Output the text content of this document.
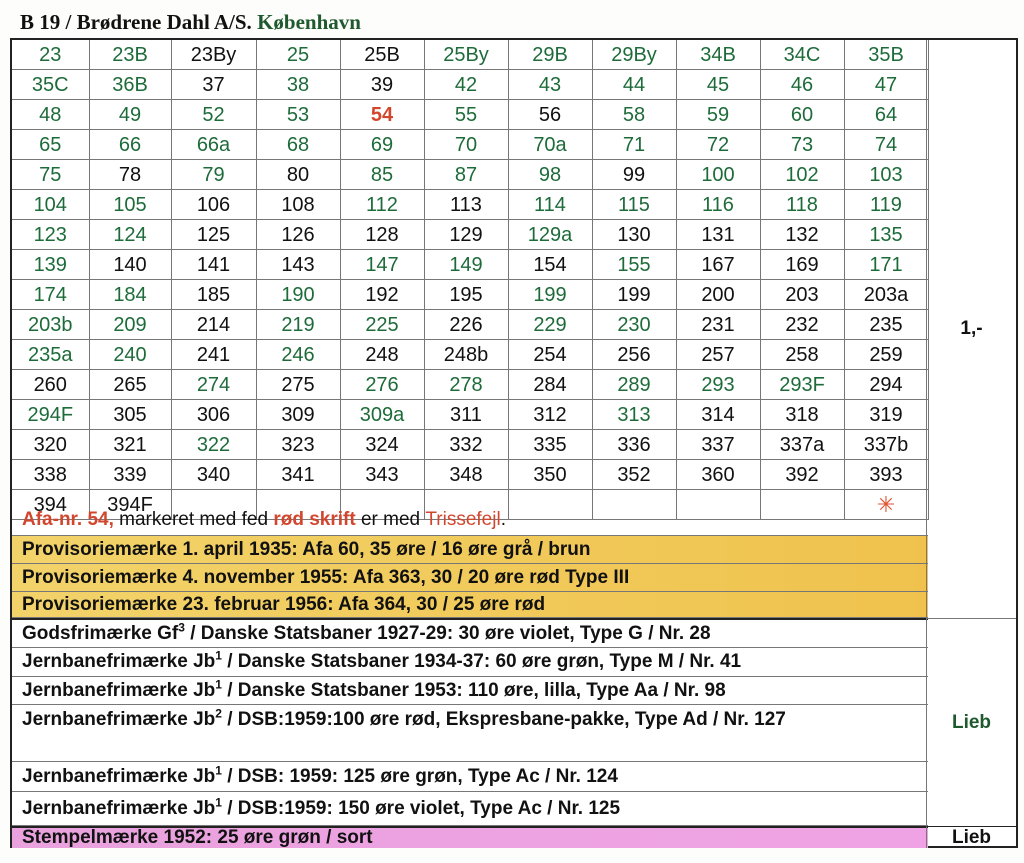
B 19 / Brødrene Dahl A/S. København
23	23B	23By	25	25B	25By	29B	29By	34B	34C	35B
35C	36B	37	38	39	42	43	44	45	46	47
48	49	52	53	54	55	56	58	59	60	64
65	66	66a	68	69	70	70a	71	72	73	74
75	78	79	80	85	87	98	99	100	102	103
104	105	106	108	112	113	114	115	116	118	119
123	124	125	126	128	129	129a	130	131	132	135
139	140	141	143	147	149	154	155	167	169	171
174	184	185	190	192	195	199	199	200	203	203a
203b	209	214	219	225	226	229	230	231	232	235
235a	240	241	246	248	248b	254	256	257	258	259
260	265	274	275	276	278	284	289	293	293F	294
294F	305	306	309	309a	311	312	313	314	318	319
320	321	322	323	324	332	335	336	337	337a	337b
338	339	340	341	343	348	350	352	360	392	393
394	394F									✳
Afa-nr. 54, markeret med fed rød skrift er med Trissefejl .
Provisoriemærke 1. april 1935: Afa 60, 35 øre / 16 øre grå / brun
Provisoriemærke 4. november 1955: Afa 363, 30 / 20 øre rød Type III
Provisoriemærke 23. februar 1956: Afa 364, 30 / 25 øre rød
Godsfrimærke Gf$^3$ / Danske Statsbaner 1927-29: 30 øre violet, Type G / Nr. 28
Jernbanefrimærke Jb$^1$ / Danske Statsbaner 1934-37: 60 øre grøn, Type M / Nr. 41
Jernbanefrimærke Jb$^1$ / Danske Statsbaner 1953: 110 øre, lilla, Type Aa / Nr. 98
Jernbanefrimærke Jb$^2$ / DSB:1959:100 øre rød, Ekspresbane-pakke, Type Ad / Nr. 127
Jernbanefrimærke Jb$^1$ / DSB: 1959: 125 øre grøn, Type Ac / Nr. 124
Jernbanefrimærke Jb$^1$ / DSB:1959: 150 øre violet, Type Ac / Nr. 125
Stempelmærke 1952: 25 øre grøn / sort
1,-
Lieb
Lieb
